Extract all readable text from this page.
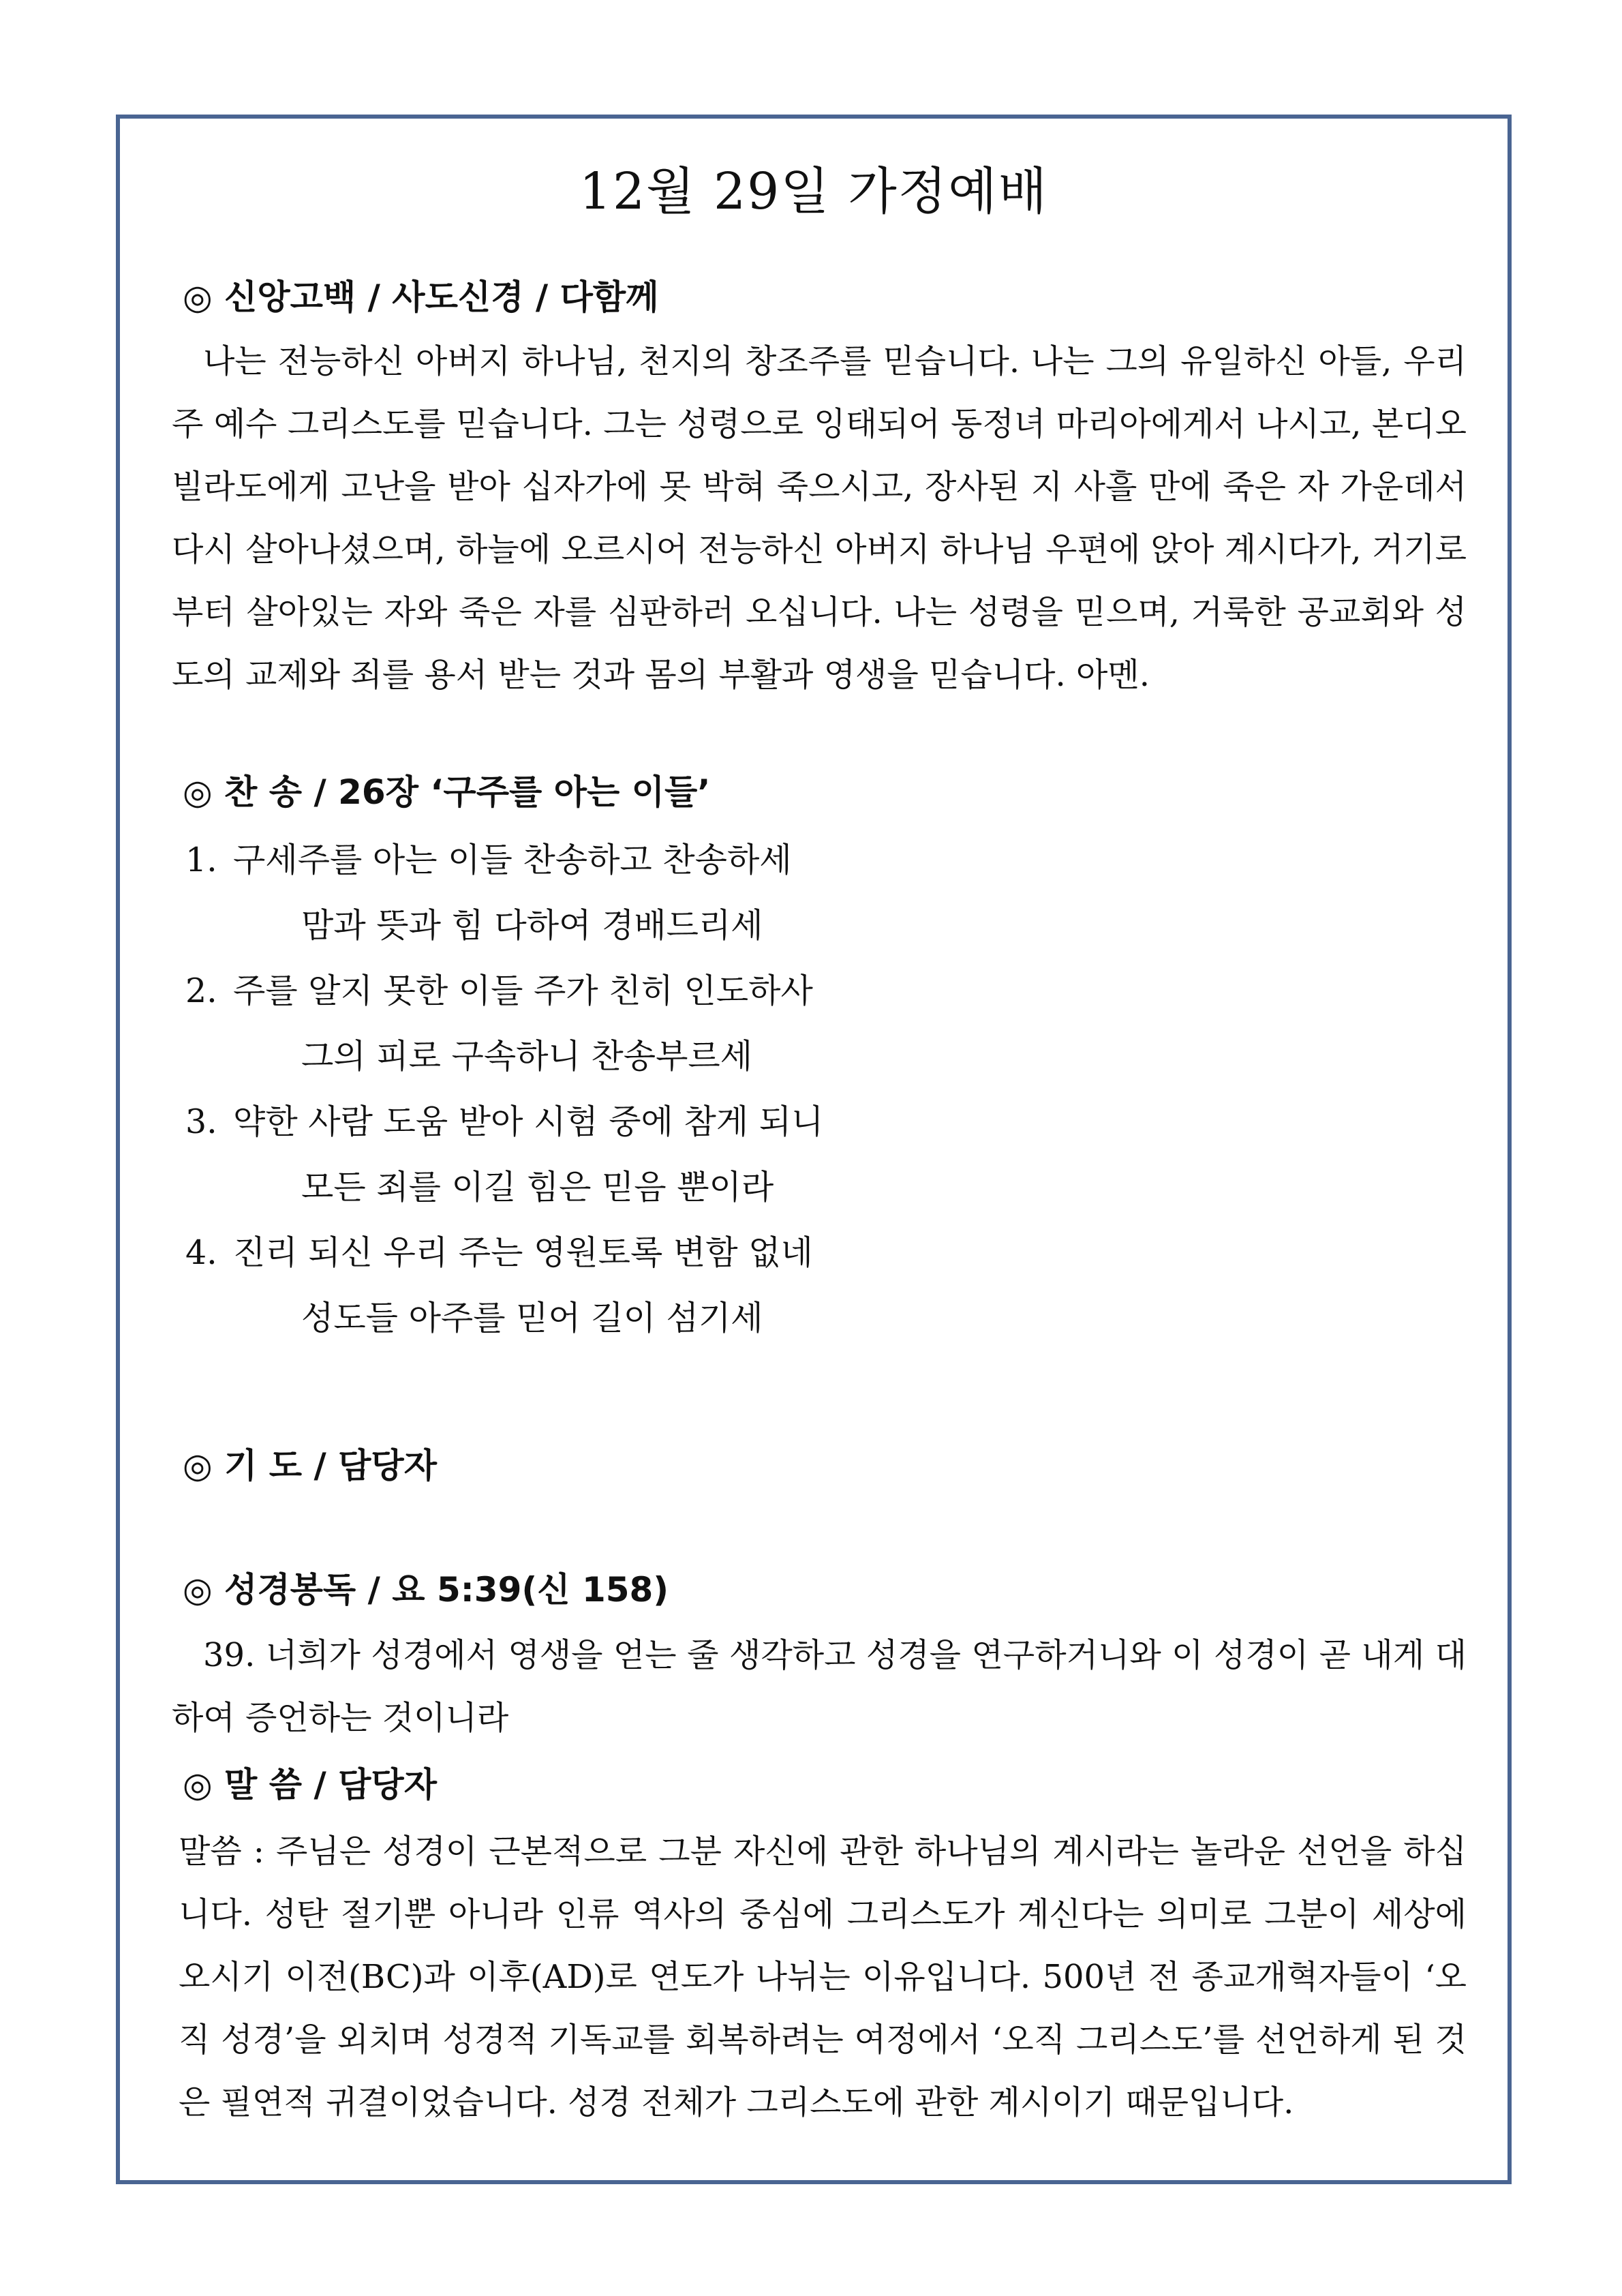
12월 29일 가정예배
◎ 신앙고백 / 사도신경 / 다함께

나는 전능하신 아버지 하나님, 천지의 창조주를 믿습니다. 나는 그의 유일하신 아들, 우리 주 예수 그리스도를 믿습니다. 그는 성령으로 잉태되어 동정녀 마리아에게서 나시고, 본디오 빌라도에게 고난을 받아 십자가에 못 박혀 죽으시고, 장사된 지 사흘 만에 죽은 자 가운데서 다시 살아나셨으며, 하늘에 오르시어 전능하신 아버지 하나님 우편에 앉아 계시다가, 거기로부터 살아있는 자와 죽은 자를 심판하러 오십니다. 나는 성령을 믿으며, 거룩한 공교회와 성도의 교제와 죄를 용서 받는 것과 몸의 부활과 영생을 믿습니다. 아멘.

◎ 찬 송 / 26장 ‘구주를 아는 이들’
1. 구세주를 아는 이들 찬송하고 찬송하세
맘과 뜻과 힘 다하여 경배드리세
2. 주를 알지 못한 이들 주가 친히 인도하사
그의 피로 구속하니 찬송부르세
3. 약한 사람 도움 받아 시험 중에 참게 되니
모든 죄를 이길 힘은 믿음 뿐이라
4. 진리 되신 우리 주는 영원토록 변함 없네
성도들 아주를 믿어 길이 섬기세
◎ 기 도 / 담당자
◎ 성경봉독 / 요 5:39(신 158)

39. 너희가 성경에서 영생을 얻는 줄 생각하고 성경을 연구하거니와 이 성경이 곧 내게 대하여 증언하는 것이니라

◎ 말 씀 / 담당자

말씀 : 주님은 성경이 근본적으로 그분 자신에 관한 하나님의 계시라는 놀라운 선언을 하십니다. 성탄 절기뿐 아니라 인류 역사의 중심에 그리스도가 계신다는 의미로 그분이 세상에 오시기 이전(BC)과 이후(AD)로 연도가 나뉘는 이유입니다. 500년 전 종교개혁자들이 ‘오직 성경’을 외치며 성경적 기독교를 회복하려는 여정에서 ‘오직 그리스도’를 선언하게 된 것은 필연적 귀결이었습니다. 성경 전체가 그리스도에 관한 계시이기 때문입니다.
